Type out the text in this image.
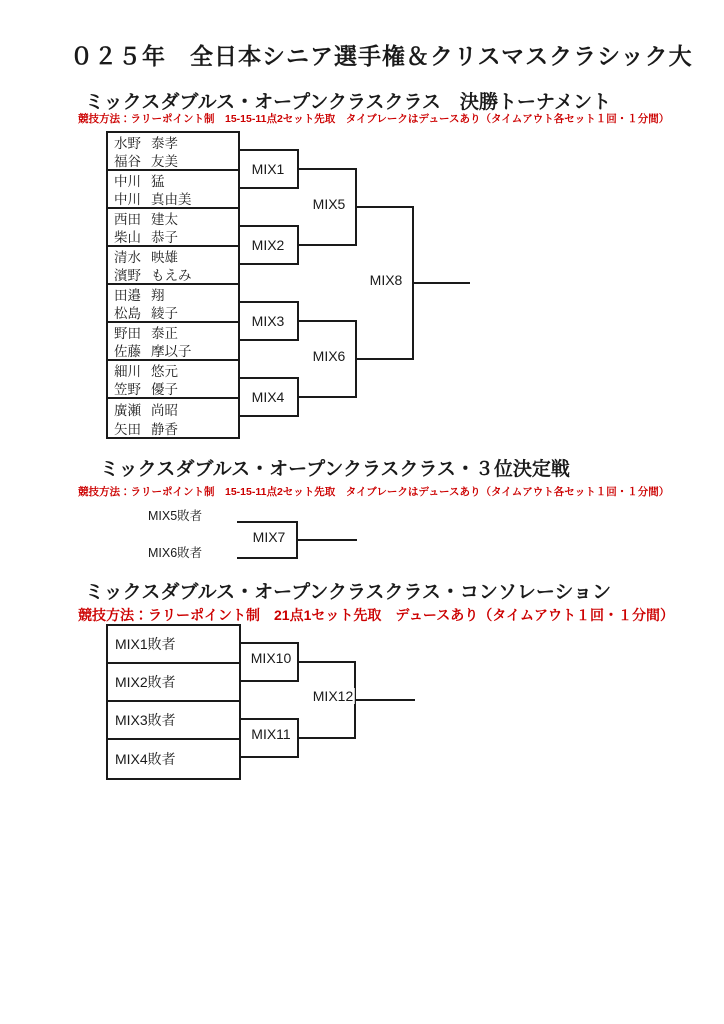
０２５年　全日本シニア選手権＆クリスマスクラシック大
ミックスダブルス・オープンクラスクラス　決勝トーナメント
競技方法：ラリーポイント制　15-15-11点2セット先取　タイブレークはデュースあり（タイムアウト各セット１回・１分間）
水野 泰孝
福谷 友美
中川 猛
中川 真由美
西田 建太
柴山 恭子
清水 映雄
濱野 もえみ
田邉 翔
松島 綾子
野田 泰正
佐藤 摩以子
細川 悠元
笠野 優子
廣瀬 尚昭
矢田 静香
MIX1
MIX2
MIX3
MIX4
MIX5
MIX6
MIX8
ミックスダブルス・オープンクラスクラス・３位決定戦
競技方法：ラリーポイント制　15-15-11点2セット先取　タイブレークはデュースあり（タイムアウト各セット１回・１分間）
MIX5敗者
MIX6敗者
MIX7
ミックスダブルス・オープンクラスクラス・コンソレーション
競技方法：ラリーポイント制　21点1セット先取　デュースあり（タイムアウト１回・１分間）
MIX1敗者
MIX2敗者
MIX3敗者
MIX4敗者
MIX10
MIX11
MIX12
